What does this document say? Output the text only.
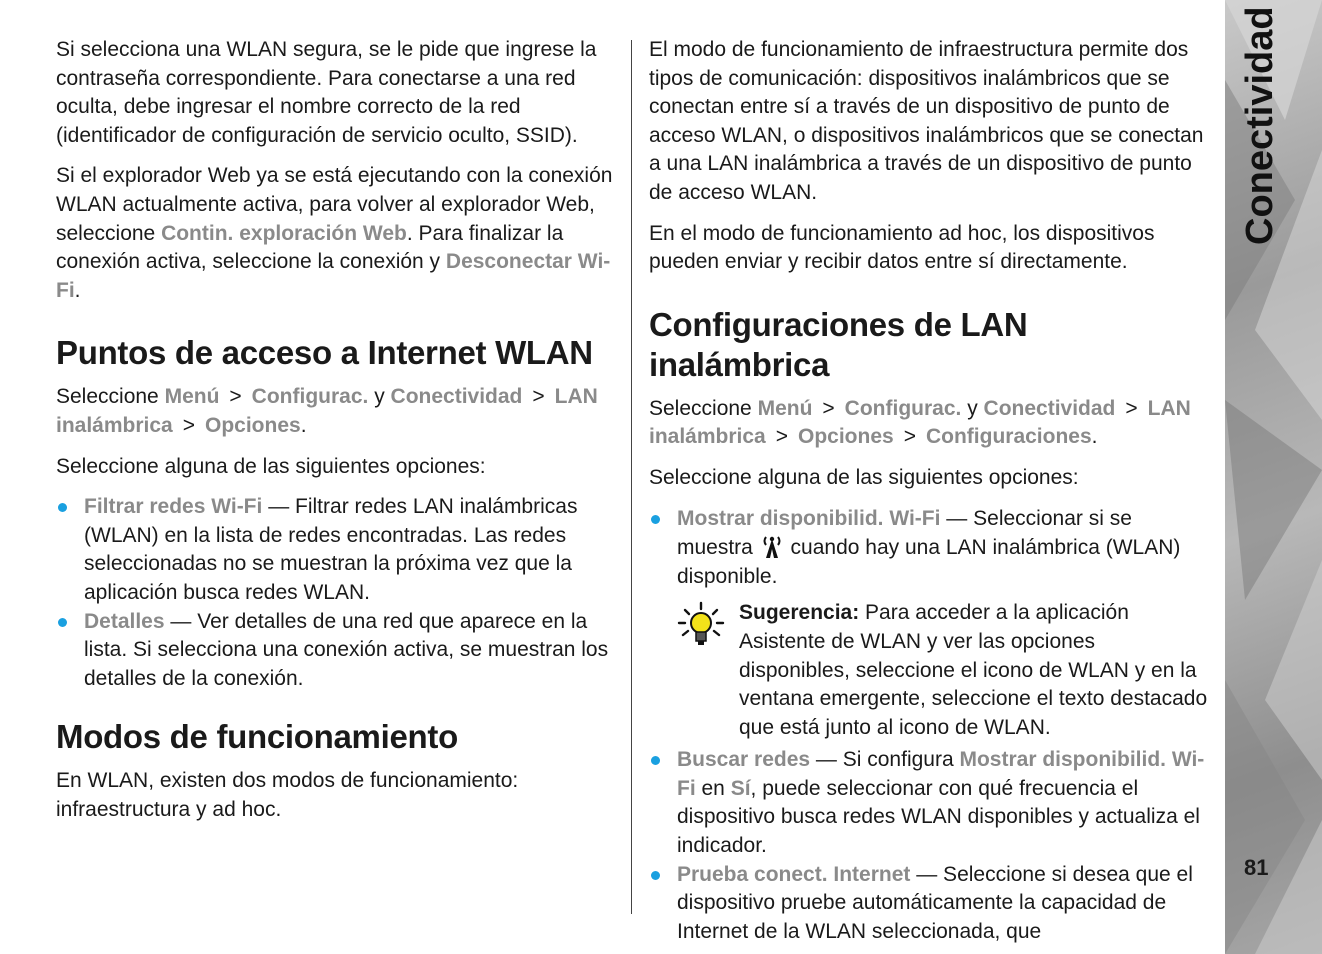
Si selecciona una WLAN segura, se le pide que ingrese la contraseña correspondiente. Para conectarse a una red oculta, debe ingresar el nombre correcto de la red (identificador de configuración de servicio oculto, SSID).

Si el explorador Web ya se está ejecutando con la conexión WLAN actualmente activa, para volver al explorador Web, seleccione Contin. exploración Web. Para finalizar la conexión activa, seleccione la conexión y Desconectar Wi-Fi.

Puntos de acceso a Internet WLAN

Seleccione Menú > Configurac. y Conectividad > LAN inalámbrica > Opciones.

Seleccione alguna de las siguientes opciones:

Filtrar redes Wi-Fi — Filtrar redes LAN inalámbricas (WLAN) en la lista de redes encontradas. Las redes seleccionadas no se muestran la próxima vez que la aplicación busca redes WLAN.
Detalles — Ver detalles de una red que aparece en la lista. Si selecciona una conexión activa, se muestran los detalles de la conexión.
Modos de funcionamiento

En WLAN, existen dos modos de funcionamiento: infraestructura y ad hoc.

El modo de funcionamiento de infraestructura permite dos tipos de comunicación: dispositivos inalámbricos que se conectan entre sí a través de un dispositivo de punto de acceso WLAN, o dispositivos inalámbricos que se conectan a una LAN inalámbrica a través de un dispositivo de punto de acceso WLAN.

En el modo de funcionamiento ad hoc, los dispositivos pueden enviar y recibir datos entre sí directamente.

Configuraciones de LAN inalámbrica

Seleccione Menú > Configurac. y Conectividad > LAN inalámbrica > Opciones > Configuraciones.

Seleccione alguna de las siguientes opciones:

Mostrar disponibilid. Wi-Fi — Seleccionar si se muestra  cuando hay una LAN inalámbrica (WLAN) disponible.
Sugerencia: Para acceder a la aplicación Asistente de WLAN y ver las opciones disponibles, seleccione el icono de WLAN y en la ventana emergente, seleccione el texto destacado que está junto al icono de WLAN.
Buscar redes — Si configura Mostrar disponibilid. Wi-Fi en Sí, puede seleccionar con qué frecuencia el dispositivo busca redes WLAN disponibles y actualiza el indicador.
Prueba conect. Internet — Seleccione si desea que el dispositivo pruebe automáticamente la capacidad de Internet de la WLAN seleccionada, que
81
